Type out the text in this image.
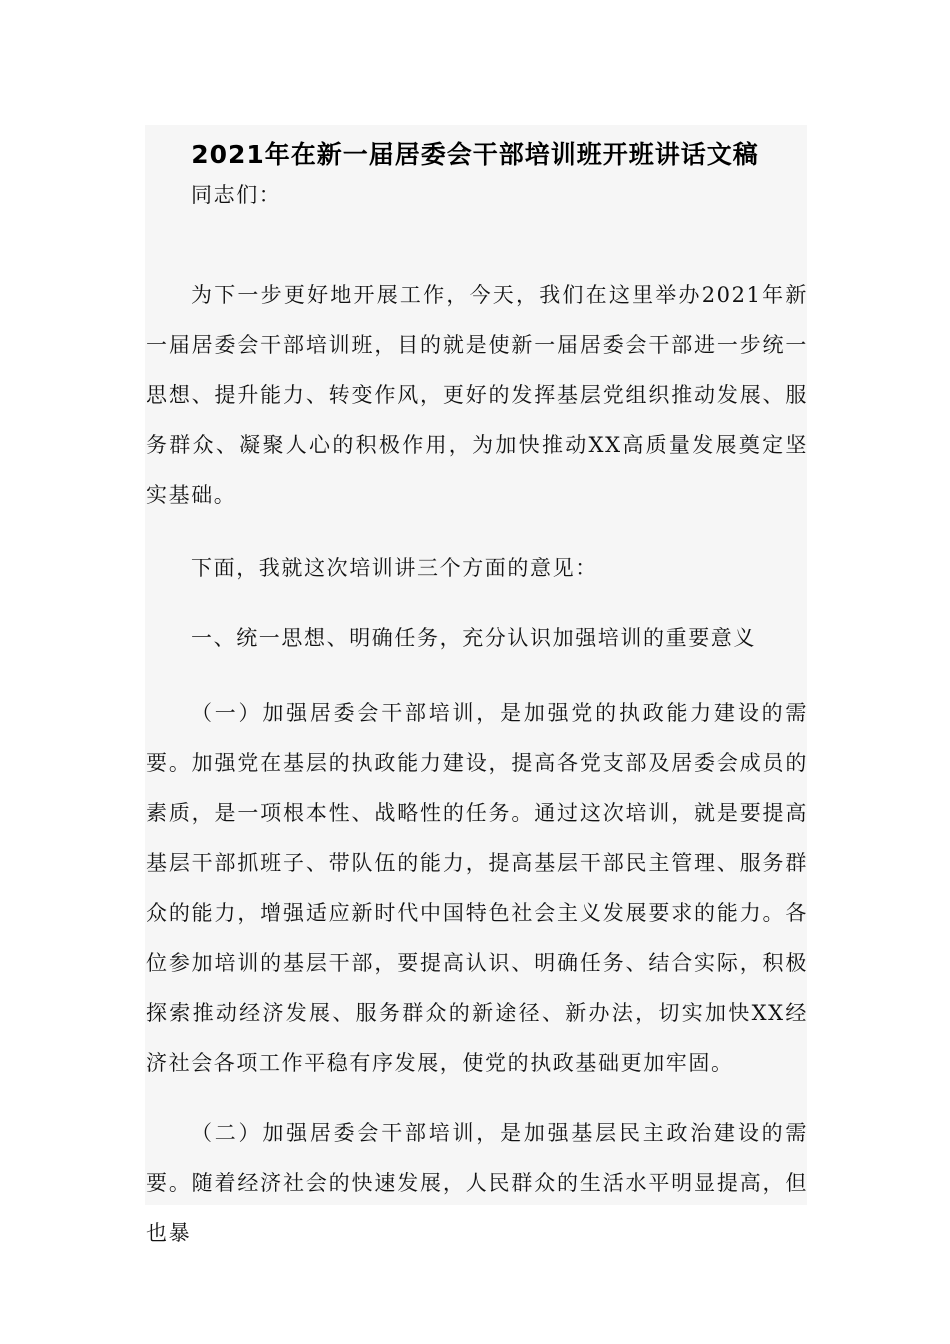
2021年在新一届居委会干部培训班开班讲话文稿
同志们：
为下一步更好地开展工作，今天，我们在这里举办2021年新一届居委会干部培训班，目的就是使新一届居委会干部进一步统一思想、提升能力、转变作风，更好的发挥基层党组织推动发展、服务群众、凝聚人心的积极作用，为加快推动XX高质量发展奠定坚实基础。
下面，我就这次培训讲三个方面的意见：
一、统一思想、明确任务，充分认识加强培训的重要意义
（一）加强居委会干部培训，是加强党的执政能力建设的需要。加强党在基层的执政能力建设，提高各党支部及居委会成员的素质，是一项根本性、战略性的任务。通过这次培训，就是要提高基层干部抓班子、带队伍的能力，提高基层干部民主管理、服务群众的能力，增强适应新时代中国特色社会主义发展要求的能力。各位参加培训的基层干部，要提高认识、明确任务、结合实际，积极探索推动经济发展、服务群众的新途径、新办法，切实加快XX经济社会各项工作平稳有序发展，使党的执政基础更加牢固。
（二）加强居委会干部培训，是加强基层民主政治建设的需要。随着经济社会的快速发展，人民群众的生活水平明显提高，但也暴
